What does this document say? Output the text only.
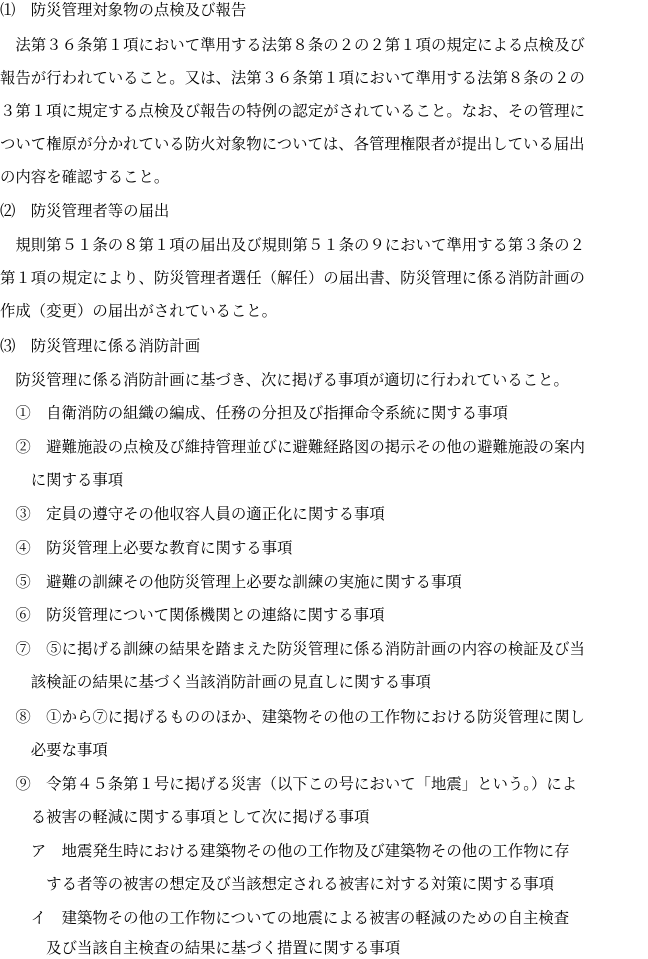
⑴　防災管理対象物の点検及び報告
　法第３６条第１項において準用する法第８条の２の２第１項の規定による点検及び
報告が行われていること。又は、法第３６条第１項において準用する法第８条の２の
３第１項に規定する点検及び報告の特例の認定がされていること。なお、その管理に
ついて権原が分かれている防火対象物については、各管理権限者が提出している届出
の内容を確認すること。
⑵　防災管理者等の届出
　規則第５１条の８第１項の届出及び規則第５１条の９において準用する第３条の２
第１項の規定により、防災管理者選任（解任）の届出書、防災管理に係る消防計画の
作成（変更）の届出がされていること。
⑶　防災管理に係る消防計画
　防災管理に係る消防計画に基づき、次に掲げる事項が適切に行われていること。
　①　自衛消防の組織の編成、任務の分担及び指揮命令系統に関する事項
　②　避難施設の点検及び維持管理並びに避難経路図の掲示その他の避難施設の案内
　　に関する事項
　③　定員の遵守その他収容人員の適正化に関する事項
　④　防災管理上必要な教育に関する事項
　⑤　避難の訓練その他防災管理上必要な訓練の実施に関する事項
　⑥　防災管理について関係機関との連絡に関する事項
　⑦　⑤に掲げる訓練の結果を踏まえた防災管理に係る消防計画の内容の検証及び当
　　該検証の結果に基づく当該消防計画の見直しに関する事項
　⑧　①から⑦に掲げるもののほか、建築物その他の工作物における防災管理に関し
　　必要な事項
　⑨　令第４５条第１号に掲げる災害（以下この号において「地震」という。）によ
　　る被害の軽減に関する事項として次に掲げる事項
　　ア　地震発生時における建築物その他の工作物及び建築物その他の工作物に存
　　　する者等の被害の想定及び当該想定される被害に対する対策に関する事項
　　イ　建築物その他の工作物についての地震による被害の軽減のための自主検査
　　　及び当該自主検査の結果に基づく措置に関する事項
